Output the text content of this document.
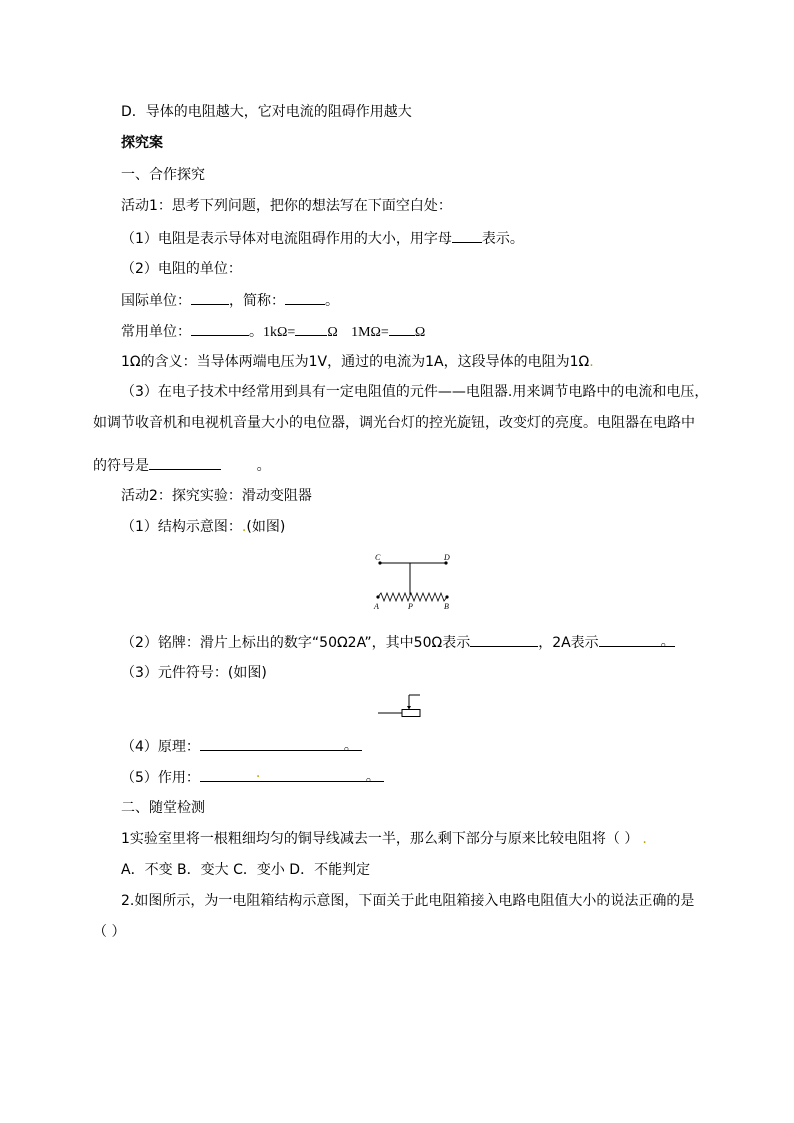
D．导体的电阻越大，它对电流的阻碍作用越大
探究案
一、合作探究
活动1：思考下列问题，把你的想法写在下面空白处：
（1）电阻是表示导体对电流阻碍作用的大小，用字母 表示。
（2）电阻的单位：
国际单位：	，简称：	。
常用单位：	。1kΩ= Ω 1MΩ= Ω
1Ω的含义：当导体两端电压为1V，通过的电流为1A，这段导体的电阻为1Ω.
（3）在电子技术中经常用到具有一定电阻值的元件——电阻器.用来调节电路中的电流和电压，
如调节收音机和电视机音量大小的电位器，调光台灯的控光旋钮，改变灯的亮度。电阻器在电路中
的符号是	。
活动2：探究实验：滑动变阻器
（1）结构示意图：.(如图)
C	D
A	P	B
（2）铭牌：滑片上标出的数字“50Ω2A”，其中50Ω表示	，2A表示	。
（3）元件符号：(如图)
（4）原理：	。
（5）作用：	.	。
二、随堂检测
1实验室里将一根粗细均匀的铜导线减去一半，那么剩下部分与原来比较电阻将（ ） .
A．不变 B．变大 C．变小 D．不能判定
2.如图所示，为一电阻箱结构示意图，下面关于此电阻箱接入电路电阻值大小的说法正确的是
（ ）
